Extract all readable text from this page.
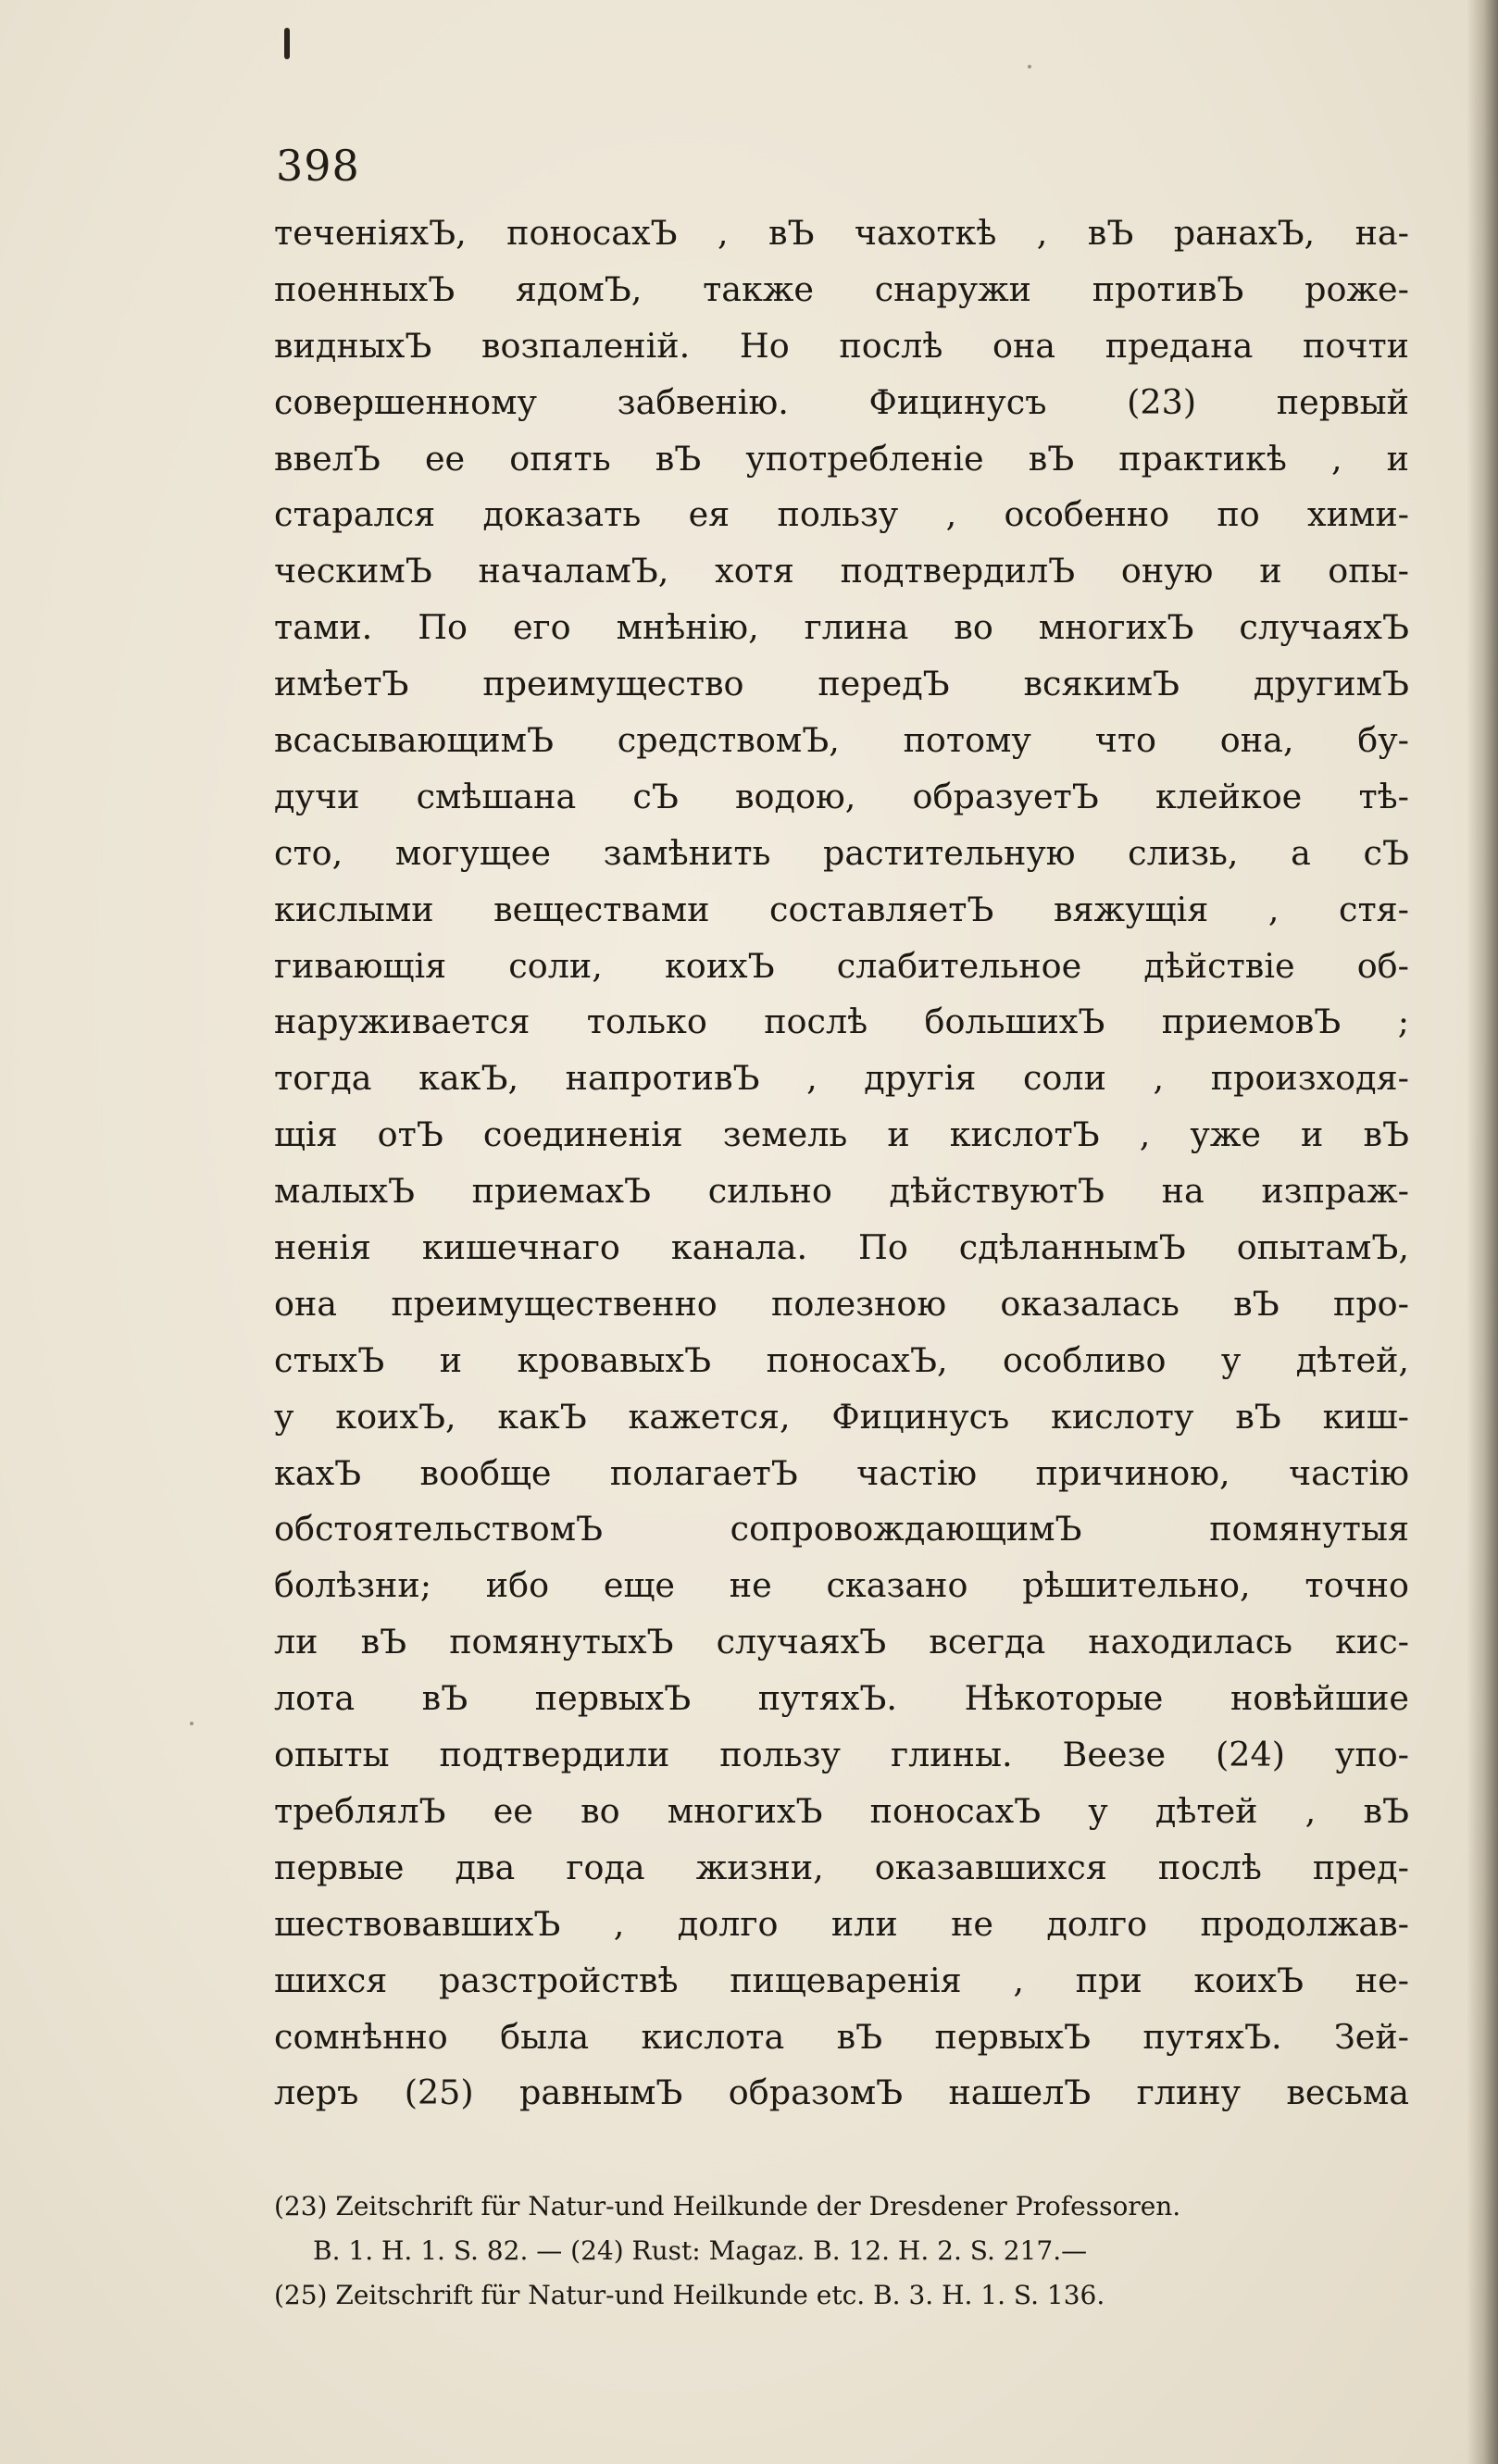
398
теченіяхЪ, поносахЪ , вЪ чахоткѣ , вЪ ранахЪ, на-
поенныхЪ ядомЪ, также снаружи противЪ роже-
видныхЪ возпаленій. Но послѣ она предана почти
совершенному забвенію. Фицинусъ (23) первый
ввелЪ ее опять вЪ употребленіе вЪ практикѣ , и
старался доказать ея пользу , особенно по хими-
ческимЪ началамЪ, хотя подтвердилЪ оную и опы-
тами. По его мнѣнію, глина во многихЪ случаяхЪ
имѣетЪ преимущество передЪ всякимЪ другимЪ
всасывающимЪ средствомЪ, потому что она, бу-
дучи смѣшана сЪ водою, образуетЪ клейкое тѣ-
сто, могущее замѣнить растительную слизь, а сЪ
кислыми веществами составляетЪ вяжущія , стя-
гивающія соли, коихЪ слабительное дѣйствіе об-
наруживается только послѣ большихЪ приемовЪ ;
тогда какЪ, напротивЪ , другія соли , произходя-
щія отЪ соединенія земель и кислотЪ , уже и вЪ
малыхЪ приемахЪ сильно дѣйствуютЪ на изпраж-
ненія кишечнаго канала. По сдѣланнымЪ опытамЪ,
она преимущественно полезною оказалась вЪ про-
стыхЪ и кровавыхЪ поносахЪ, особливо у дѣтей,
у коихЪ, какЪ кажется, Фицинусъ кислоту вЪ киш-
кахЪ вообще полагаетЪ частію причиною, частію
обстоятельствомЪ сопровождающимЪ помянутыя
болѣзни; ибо еще не сказано рѣшительно, точно
ли вЪ помянутыхЪ случаяхЪ всегда находилась кис-
лота вЪ первыхЪ путяхЪ. Нѣкоторые новѣйшие
опыты подтвердили пользу глины. Веезе (24) упо-
треблялЪ ее во многихЪ поносахЪ у дѣтей , вЪ
первые два года жизни, оказавшихся послѣ пред-
шествовавшихЪ , долго или не долго продолжав-
шихся разстройствѣ пищеваренія , при коихЪ не-
сомнѣнно была кислота вЪ первыхЪ путяхЪ. Зей-
леръ (25) равнымЪ образомЪ нашелЪ глину весьма
(23) Zeitschrift für Natur-und Heilkunde der Dresdener Professoren.
B. 1. H. 1. S. 82. — (24) Rust: Magaz. B. 12. H. 2. S. 217.—
(25) Zeitschrift für Natur-und Heilkunde etc. B. 3. H. 1. S. 136.
